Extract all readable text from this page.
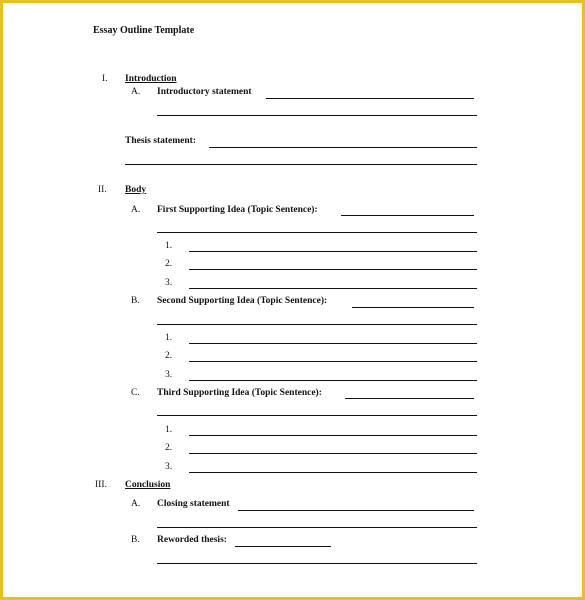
Essay Outline Template
I. Introduction
A. Introductory statement
Thesis statement:
II. Body
A. First Supporting Idea (Topic Sentence):
1.
2.
3.
B. Second Supporting Idea (Topic Sentence):
1.
2.
3.
C. Third Supporting Idea (Topic Sentence):
1.
2.
3.
III. Conclusion
A. Closing statement
B. Reworded thesis:
